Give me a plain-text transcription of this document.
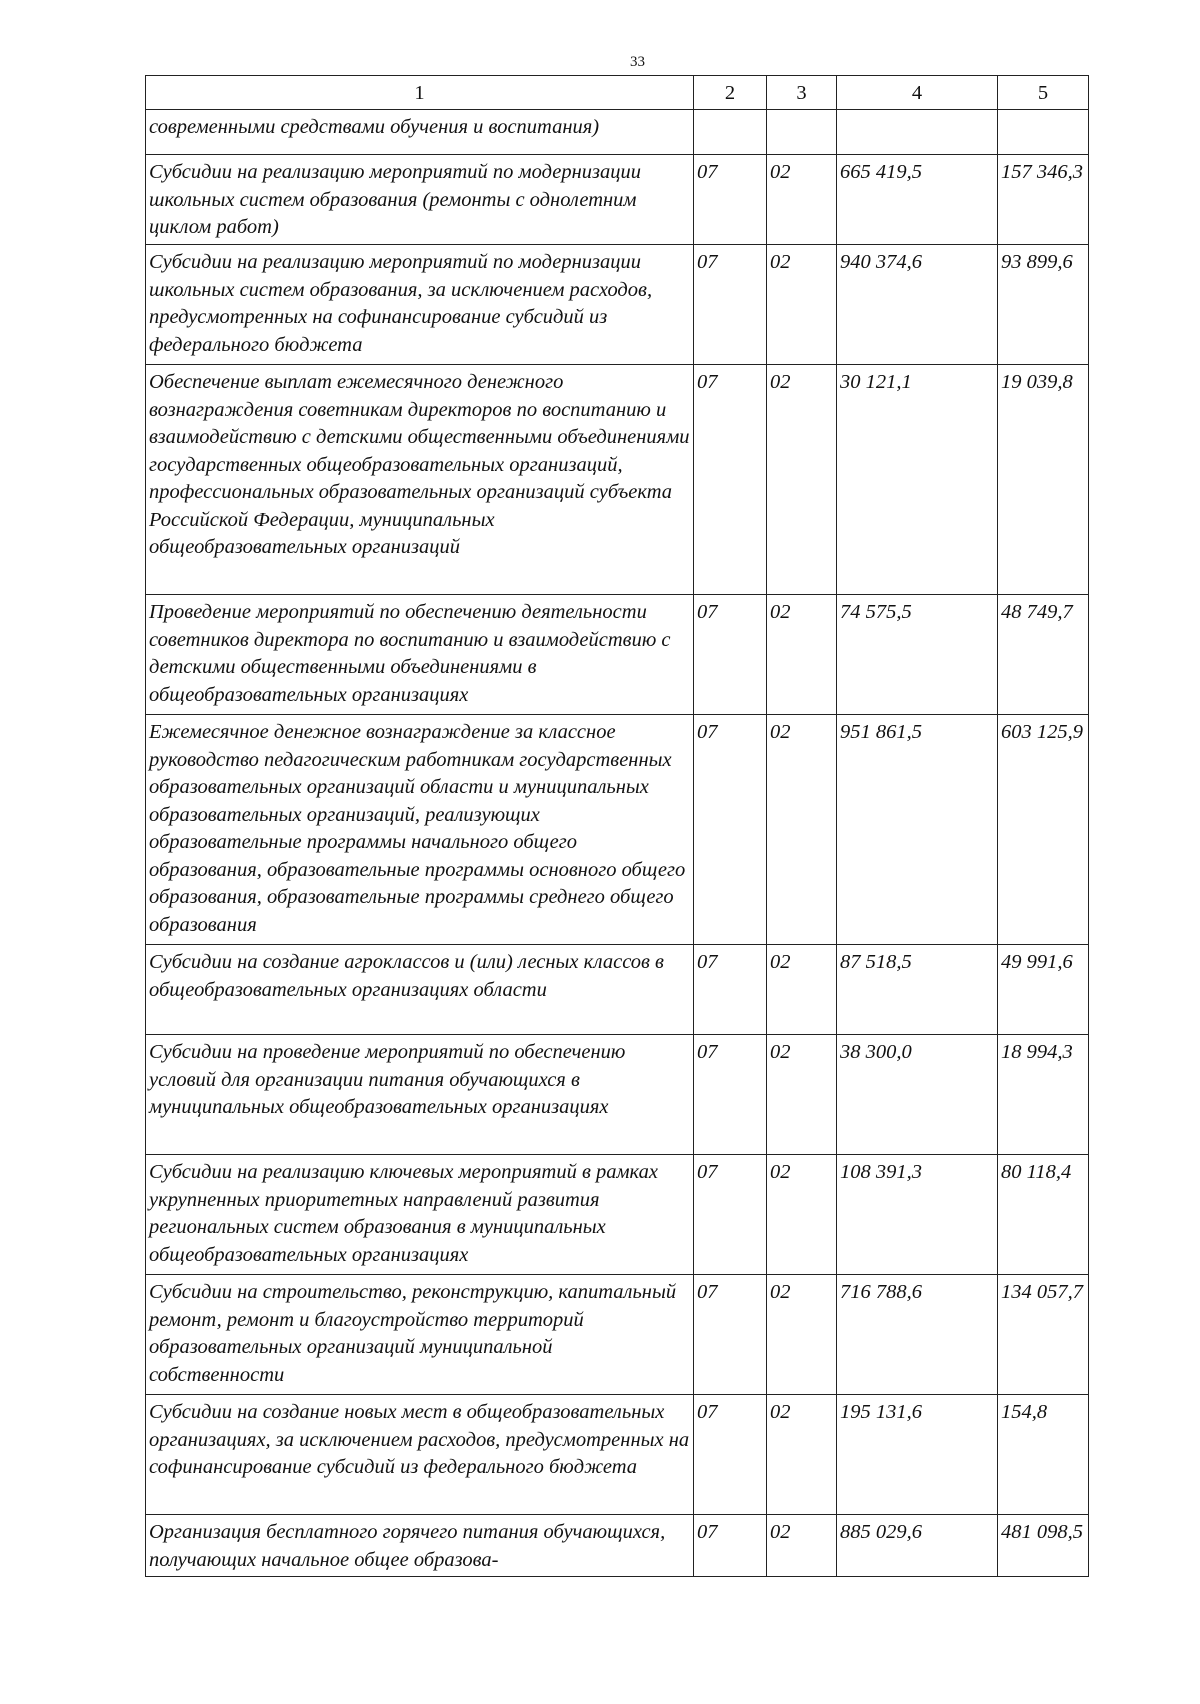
33
1	2	3	4	5
современными средствами обучения и воспитания)				
Субсидии на реализацию мероприятий по модернизации школьных систем образования (ремонты с однолетним циклом работ)	07	02	665 419,5	157 346,3
Субсидии на реализацию мероприятий по модернизации школьных систем образования, за исключением расходов, предусмотренных на софинансирование субсидий из федерального бюджета	07	02	940 374,6	93 899,6
Обеспечение выплат ежемесячного денежного вознаграждения советникам директоров по воспитанию и взаимодействию с детскими общественными объединениями государственных общеобразовательных организаций, профессиональных образовательных организаций субъекта Российской Федерации, муниципальных общеобразовательных организаций	07	02	30 121,1	19 039,8
Проведение мероприятий по обеспечению деятельности советников директора по воспитанию и взаимодействию с детскими общественными объединениями в общеобразовательных организациях	07	02	74 575,5	48 749,7
Ежемесячное денежное вознаграждение за классное руководство педагогическим работникам государственных образовательных организаций области и муниципальных образовательных организаций, реализующих образовательные программы начального общего образования, образовательные программы основного общего образования, образовательные программы среднего общего образования	07	02	951 861,5	603 125,9
Субсидии на создание агроклассов и (или) лесных классов в общеобразовательных организациях области	07	02	87 518,5	49 991,6
Субсидии на проведение мероприятий по обеспечению условий для организации питания обучающихся в муниципальных общеобразовательных организациях	07	02	38 300,0	18 994,3
Субсидии на реализацию ключевых мероприятий в рамках укрупненных приоритетных направлений развития региональных систем образования в муниципальных общеобразовательных организациях	07	02	108 391,3	80 118,4
Субсидии на строительство, реконструкцию, капитальный ремонт, ремонт и благоустройство территорий образовательных организаций муниципальной собственности	07	02	716 788,6	134 057,7
Субсидии на создание новых мест в общеобразовательных организациях, за исключением расходов, предусмотренных на софинансирование субсидий из федерального бюджета	07	02	195 131,6	154,8
Организация бесплатного горячего питания обучающихся, получающих начальное общее образова-	07	02	885 029,6	481 098,5
